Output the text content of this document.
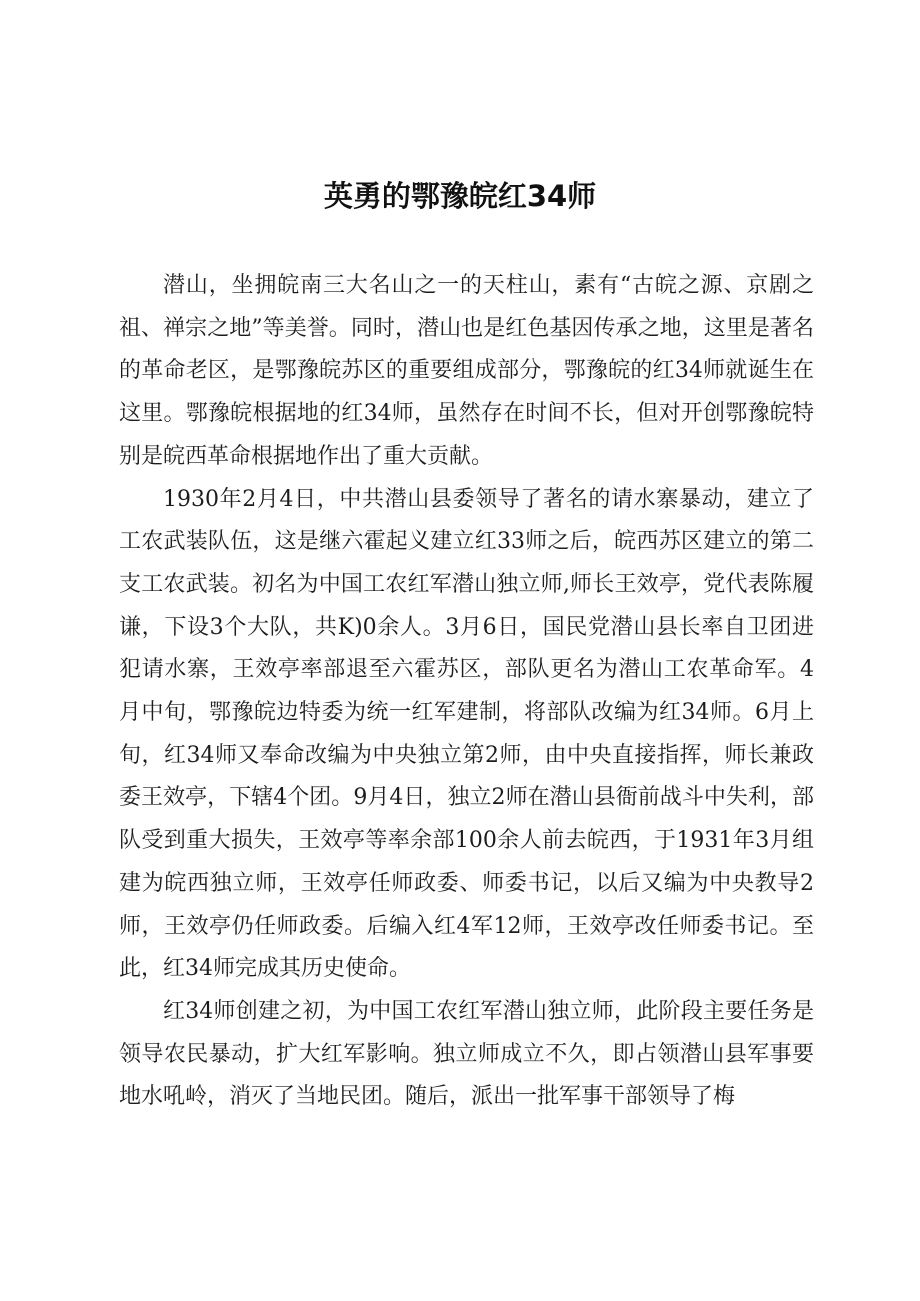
英勇的鄂豫皖红34师

潜山，坐拥皖南三大名山之一的天柱山，素有“古皖之源、京剧之祖、禅宗之地”等美誉。同时，潜山也是红色基因传承之地，这里是著名的革命老区，是鄂豫皖苏区的重要组成部分，鄂豫皖的红34师就诞生在这里。鄂豫皖根据地的红34师，虽然存在时间不长，但对开创鄂豫皖特别是皖西革命根据地作出了重大贡献。

1930年2月4日，中共潜山县委领导了著名的请水寨暴动，建立了工农武装队伍，这是继六霍起义建立红33师之后，皖西苏区建立的第二支工农武装。初名为中国工农红军潜山独立师,师长王效亭，党代表陈履谦，下设3个大队，共K)0余人。3月6日，国民党潜山县长率自卫团进犯请水寨，王效亭率部退至六霍苏区，部队更名为潜山工农革命军。4月中旬，鄂豫皖边特委为统一红军建制，将部队改编为红34师。6月上旬，红34师又奉命改编为中央独立第2师，由中央直接指挥，师长兼政委王效亭，下辖4个团。9月4日，独立2师在潜山县衙前战斗中失利，部队受到重大损失，王效亭等率余部100余人前去皖西，于1931年3月组建为皖西独立师，王效亭任师政委、师委书记，以后又编为中央教导2师，王效亭仍任师政委。后编入红4军12师，王效亭改任师委书记。至此，红34师完成其历史使命。

红34师创建之初，为中国工农红军潜山独立师，此阶段主要任务是领导农民暴动，扩大红军影响。独立师成立不久，即占领潜山县军事要地水吼岭，消灭了当地民团。随后，派出一批军事干部领导了梅
